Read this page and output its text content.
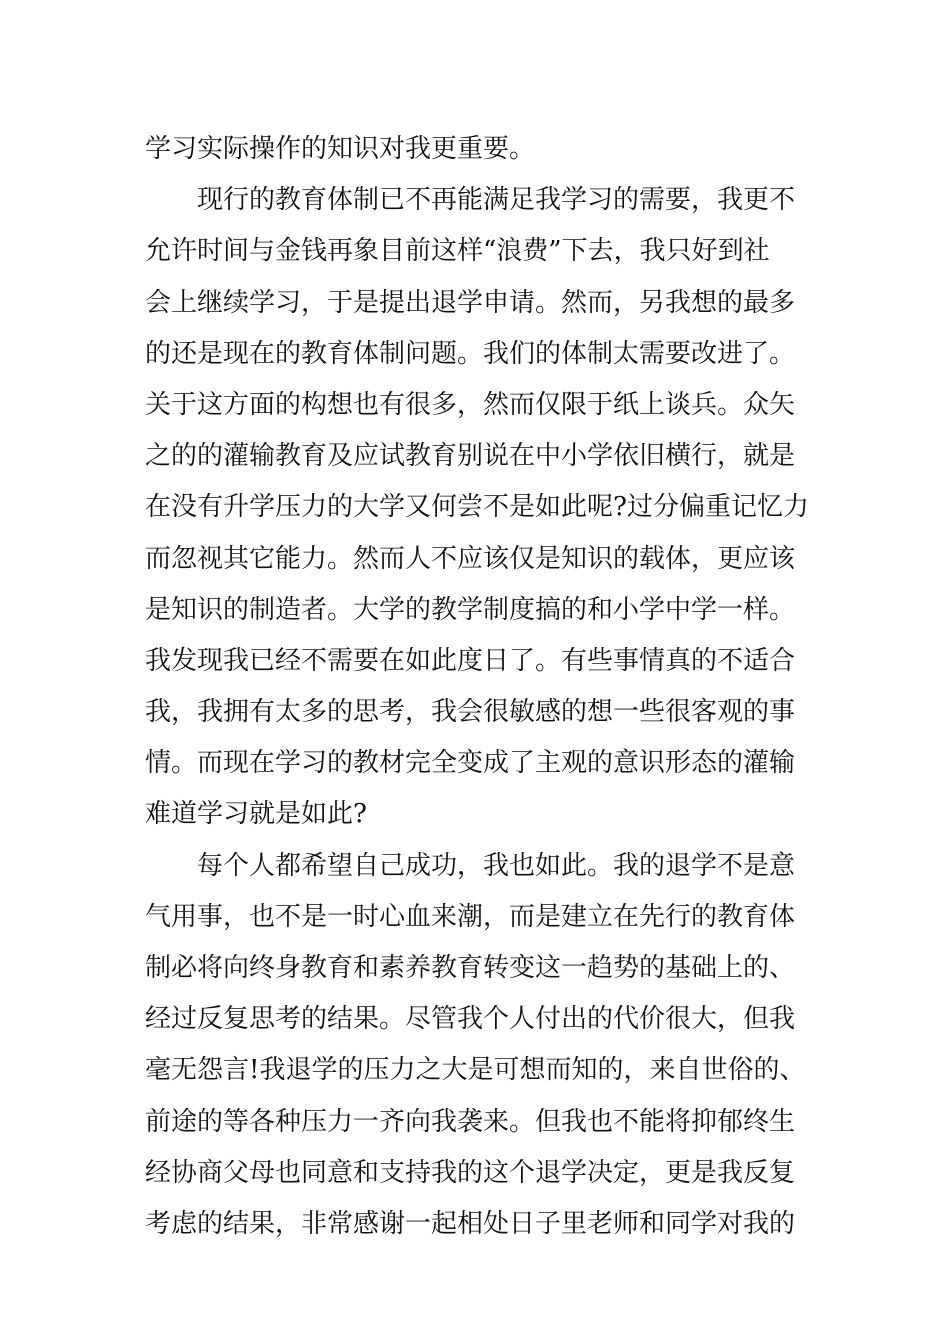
学习实际操作的知识对我更重要。
现行的教育体制已不再能满足我学习的需要，我更不
允许时间与金钱再象目前这样“浪费”下去，我只好到社
会上继续学习，于是提出退学申请。然而，另我想的最多
的还是现在的教育体制问题。我们的体制太需要改进了。
关于这方面的构想也有很多，然而仅限于纸上谈兵。众矢
之的的灌输教育及应试教育别说在中小学依旧横行，就是
在没有升学压力的大学又何尝不是如此呢?过分偏重记忆力
而忽视其它能力。然而人不应该仅是知识的载体，更应该
是知识的制造者。大学的教学制度搞的和小学中学一样。
我发现我已经不需要在如此度日了。有些事情真的不适合
我，我拥有太多的思考，我会很敏感的想一些很客观的事
情。而现在学习的教材完全变成了主观的意识形态的灌输
难道学习就是如此?
每个人都希望自己成功，我也如此。我的退学不是意
气用事，也不是一时心血来潮，而是建立在先行的教育体
制必将向终身教育和素养教育转变这一趋势的基础上的、
经过反复思考的结果。尽管我个人付出的代价很大，但我
毫无怨言!我退学的压力之大是可想而知的，来自世俗的、
前途的等各种压力一齐向我袭来。但我也不能将抑郁终生
经协商父母也同意和支持我的这个退学决定，更是我反复
考虑的结果，非常感谢一起相处日子里老师和同学对我的
